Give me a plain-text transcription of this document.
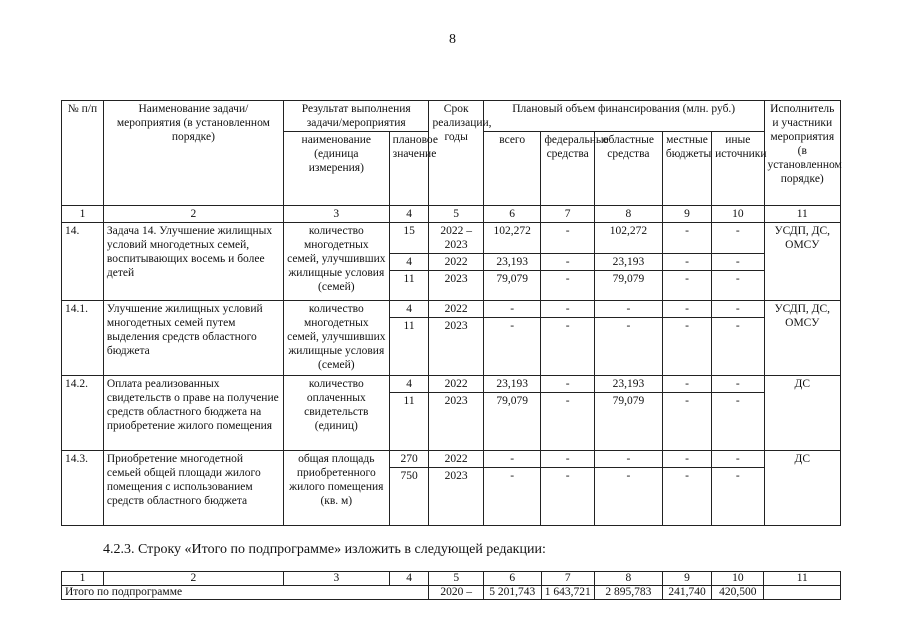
8
№ п/п	Наименование задачи/мероприятия (в установленном порядке)	Результат выполнения задачи/мероприятия		Срок реализации, годы	Плановый объем финансирования (млн. руб.)					Исполнитель и участники мероприятия (в установленном порядке)
		наименование (единица измерения)	плановое значение		всего	федеральные средства	областные средства	местные бюджеты	иные источники	
1	2	3	4	5	6	7	8	9	10	11
14.	Задача 14. Улучшение жилищных условий многодетных семей, воспитывающих восемь и более детей	количество многодетных семей, улучшивших жилищные условия (семей)	15	2022 – 2023	102,272	-	102,272	-	-	УСДП, ДС, ОМСУ
			4	2022	23,193	-	23,193	-	-	
			11	2023	79,079	-	79,079	-	-	
14.1.	Улучшение жилищных условий многодетных семей путем выделения средств областного бюджета	количество многодетных семей, улучшивших жилищные условия (семей)	4	2022	-	-	-	-	-	УСДП, ДС, ОМСУ
			11	2023	-	-	-	-	-	
14.2.	Оплата реализованных свидетельств о праве на получение средств областного бюджета на приобретение жилого помещения	количество оплаченных свидетельств (единиц)	4	2022	23,193	-	23,193	-	-	ДС
			11	2023	79,079	-	79,079	-	-	
14.3.	Приобретение многодетной семьей общей площади жилого помещения с использованием средств областного бюджета	общая площадь приобретенного жилого помещения (кв. м)	270	2022	-	-	-	-	-	ДС
			750	2023	-	-	-	-	-	
4.2.3. Строку «Итого по подпрограмме» изложить в следующей редакции:
1	2	3	4	5	6	7	8	9	10	11
Итого по подпрограмме				2020 –	5 201,743	1 643,721	2 895,783	241,740	420,500	
